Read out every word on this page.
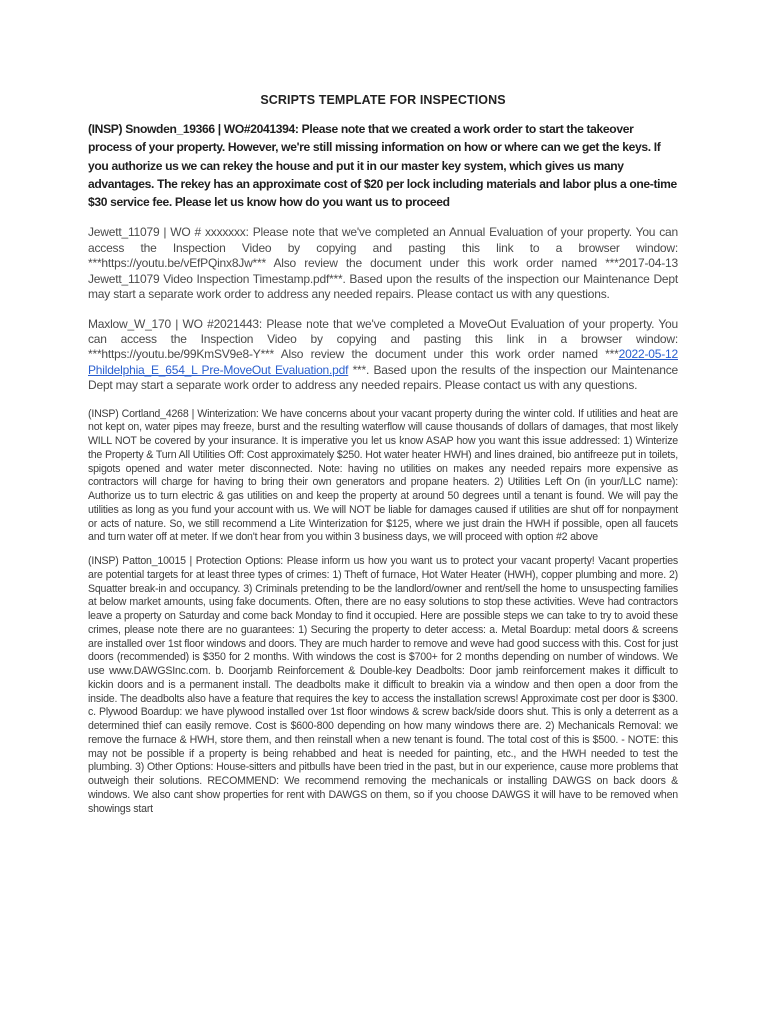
SCRIPTS TEMPLATE FOR INSPECTIONS

(INSP) Snowden_19366 | WO#2041394: Please note that we created a work order to start the takeover process of your property. However, we're still missing information on how or where can we get the keys. If you authorize us we can rekey the house and put it in our master key system, which gives us many advantages. The rekey has an approximate cost of $20 per lock including materials and labor plus a one-time $30 service fee. Please let us know how do you want us to proceed

Jewett_11079 | WO # xxxxxxx: Please note that we've completed an Annual Evaluation of your property. You can access the Inspection Video by copying and pasting this link to a browser window: ***https://youtu.be/vEfPQinx8Jw*** Also review the document under this work order named ***2017-04-13 Jewett_11079 Video Inspection Timestamp.pdf***. Based upon the results of the inspection our Maintenance Dept may start a separate work order to address any needed repairs. Please contact us with any questions.

Maxlow_W_170 | WO #2021443: Please note that we've completed a MoveOut Evaluation of your property. You can access the Inspection Video by copying and pasting this link in a browser window: ***https://youtu.be/99KmSV9e8-Y*** Also review the document under this work order named ***2022-05-12 Phildelphia_E_654_L Pre-MoveOut Evaluation.pdf ***. Based upon the results of the inspection our Maintenance Dept may start a separate work order to address any needed repairs. Please contact us with any questions.

(INSP) Cortland_4268 | Winterization: We have concerns about your vacant property during the winter cold. If utilities and heat are not kept on, water pipes may freeze, burst and the resulting waterflow will cause thousands of dollars of damages, that most likely WILL NOT be covered by your insurance. It is imperative you let us know ASAP how you want this issue addressed: 1) Winterize the Property & Turn All Utilities Off: Cost approximately $250. Hot water heater HWH) and lines drained, bio antifreeze put in toilets, spigots opened and water meter disconnected. Note: having no utilities on makes any needed repairs more expensive as contractors will charge for having to bring their own generators and propane heaters. 2) Utilities Left On (in your/LLC name): Authorize us to turn electric & gas utilities on and keep the property at around 50 degrees until a tenant is found. We will pay the utilities as long as you fund your account with us. We will NOT be liable for damages caused if utilities are shut off for nonpayment or acts of nature. So, we still recommend a Lite Winterization for $125, where we just drain the HWH if possible, open all faucets and turn water off at meter. If we don't hear from you within 3 business days, we will proceed with option #2 above

(INSP) Patton_10015 | Protection Options: Please inform us how you want us to protect your vacant property! Vacant properties are potential targets for at least three types of crimes: 1) Theft of furnace, Hot Water Heater (HWH), copper plumbing and more. 2) Squatter break-in and occupancy. 3) Criminals pretending to be the landlord/owner and rent/sell the home to unsuspecting families at below market amounts, using fake documents. Often, there are no easy solutions to stop these activities. Weve had contractors leave a property on Saturday and come back Monday to find it occupied. Here are possible steps we can take to try to avoid these crimes, please note there are no guarantees: 1) Securing the property to deter access: a. Metal Boardup: metal doors & screens are installed over 1st floor windows and doors. They are much harder to remove and weve had good success with this. Cost for just doors (recommended) is $350 for 2 months. With windows the cost is $700+ for 2 months depending on number of windows. We use www.DAWGSInc.com. b. Doorjamb Reinforcement & Double-key Deadbolts: Door jamb reinforcement makes it difficult to kickin doors and is a permanent install. The deadbolts make it difficult to breakin via a window and then open a door from the inside. The deadbolts also have a feature that requires the key to access the installation screws! Approximate cost per door is $300. c. Plywood Boardup: we have plywood installed over 1st floor windows & screw back/side doors shut. This is only a deterrent as a determined thief can easily remove. Cost is $600-800 depending on how many windows there are. 2) Mechanicals Removal: we remove the furnace & HWH, store them, and then reinstall when a new tenant is found. The total cost of this is $500. - NOTE: this may not be possible if a property is being rehabbed and heat is needed for painting, etc., and the HWH needed to test the plumbing. 3) Other Options: House-sitters and pitbulls have been tried in the past, but in our experience, cause more problems that outweigh their solutions. RECOMMEND: We recommend removing the mechanicals or installing DAWGS on back doors & windows. We also cant show properties for rent with DAWGS on them, so if you choose DAWGS it will have to be removed when showings start
